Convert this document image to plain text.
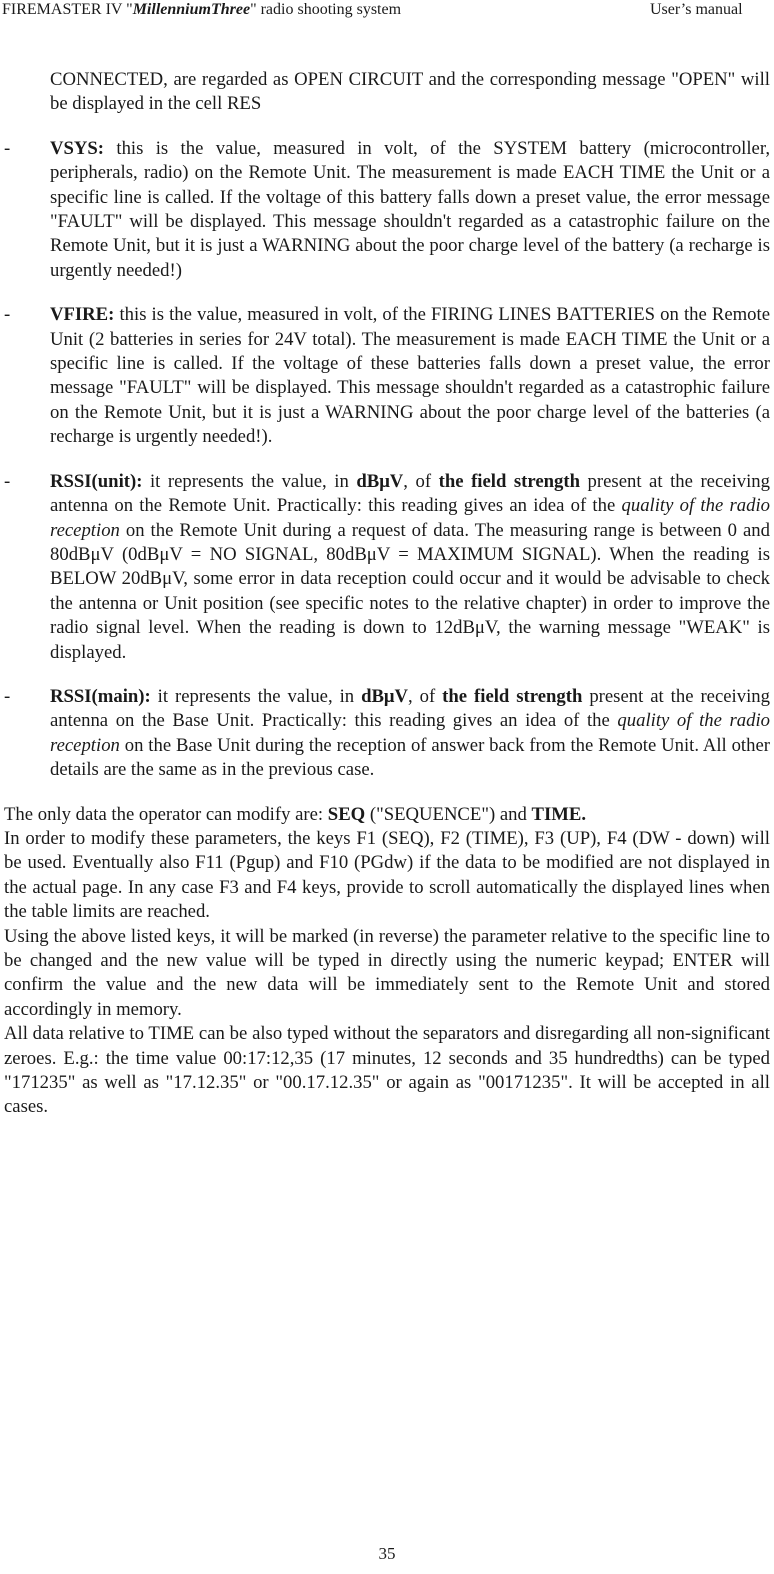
FIREMASTER IV "MillenniumThree" radio shooting system	User’s manual
CONNECTED, are regarded as OPEN CIRCUIT and the corresponding message "OPEN" will be displayed in the cell RES
- VSYS: this is the value, measured in volt, of the SYSTEM battery (microcontroller, peripherals, radio) on the Remote Unit. The measurement is made EACH TIME the Unit or a specific line is called. If the voltage of this battery falls down a preset value, the error message "FAULT" will be displayed. This message shouldn't regarded as a catastrophic failure on the Remote Unit, but it is just a WARNING about the poor charge level of the battery (a recharge is urgently needed!)
- VFIRE: this is the value, measured in volt, of the FIRING LINES BATTERIES on the Remote Unit (2 batteries in series for 24V total). The measurement is made EACH TIME the Unit or a specific line is called. If the voltage of these batteries falls down a preset value, the error message "FAULT" will be displayed. This message shouldn't regarded as a catastrophic failure on the Remote Unit, but it is just a WARNING about the poor charge level of the batteries (a recharge is urgently needed!).
- RSSI(unit): it represents the value, in dBμV, of the field strength present at the receiving antenna on the Remote Unit. Practically: this reading gives an idea of the quality of the radio reception on the Remote Unit during a request of data. The measuring range is between 0 and 80dBμV (0dBμV = NO SIGNAL, 80dBμV = MAXIMUM SIGNAL). When the reading is BELOW 20dBμV, some error in data reception could occur and it would be advisable to check the antenna or Unit position (see specific notes to the relative chapter) in order to improve the radio signal level. When the reading is down to 12dBμV, the warning message "WEAK" is displayed.
- RSSI(main): it represents the value, in dBμV, of the field strength present at the receiving antenna on the Base Unit. Practically: this reading gives an idea of the quality of the radio reception on the Base Unit during the reception of answer back from the Remote Unit. All other details are the same as in the previous case.

The only data the operator can modify are: SEQ ("SEQUENCE") and TIME.

In order to modify these parameters, the keys F1 (SEQ), F2 (TIME), F3 (UP), F4 (DW - down) will be used. Eventually also F11 (Pgup) and F10 (PGdw) if the data to be modified are not displayed in the actual page. In any case F3 and F4 keys, provide to scroll automatically the displayed lines when the table limits are reached.

Using the above listed keys, it will be marked (in reverse) the parameter relative to the specific line to be changed and the new value will be typed in directly using the numeric keypad; ENTER will confirm the value and the new data will be immediately sent to the Remote Unit and stored accordingly in memory.

All data relative to TIME can be also typed without the separators and disregarding all non-significant zeroes. E.g.: the time value 00:17:12,35 (17 minutes, 12 seconds and 35 hundredths) can be typed "171235" as well as "17.12.35" or "00.17.12.35" or again as "00171235". It will be accepted in all cases.

35
